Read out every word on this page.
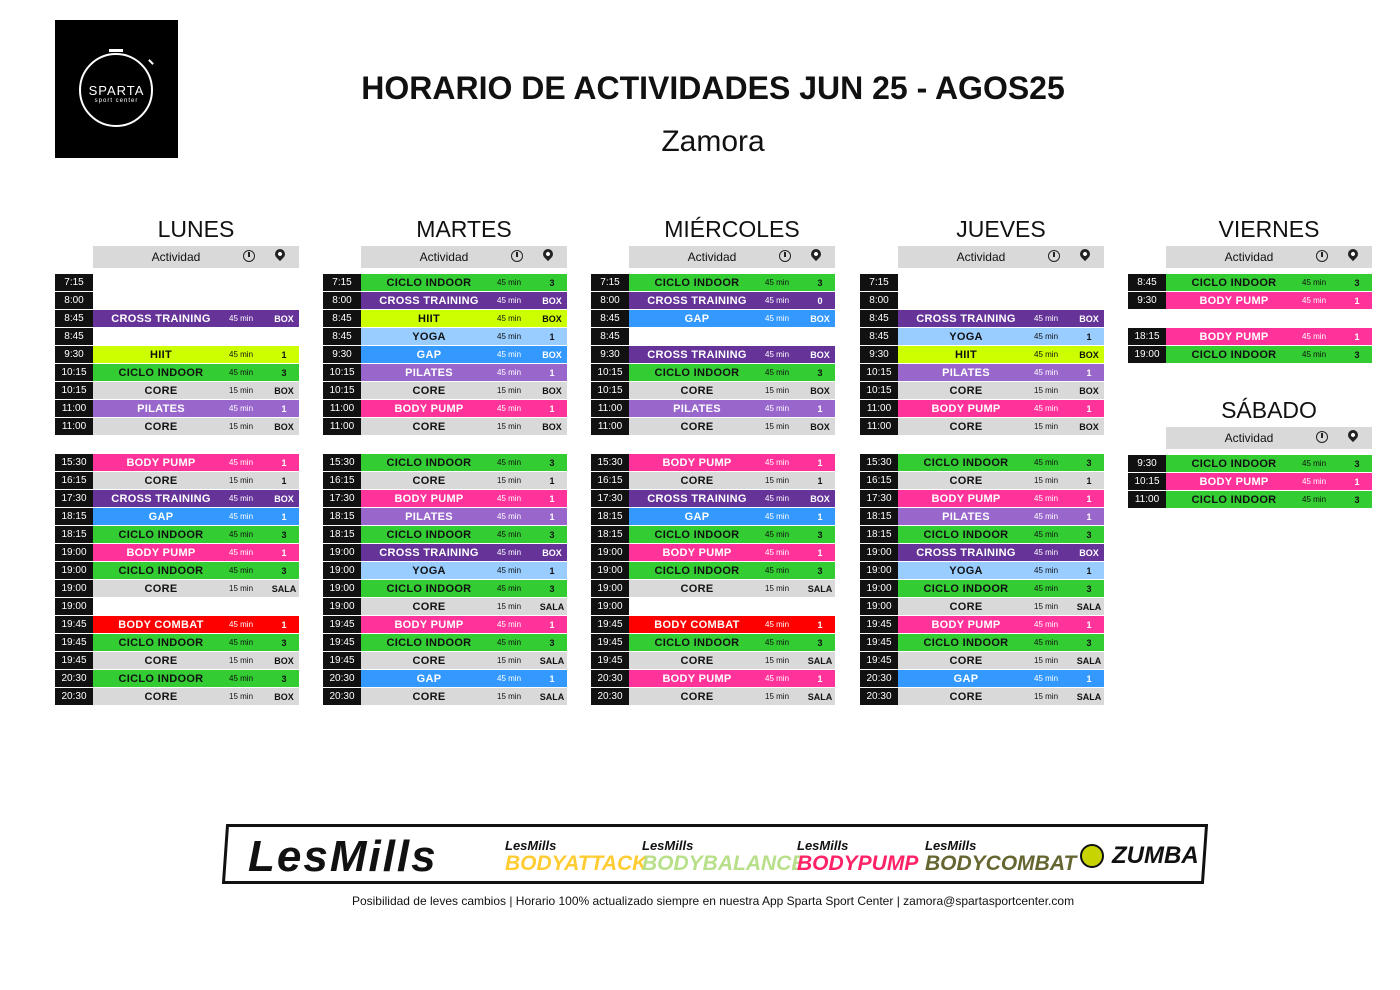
SPARTA
sport center	HORARIO DE ACTIVIDADES JUN 25 - AGOS25
Zamora
LUNES
Actividad
7:15
8:00
8:45	CROSS TRAINING	45 min	BOX
8:45
9:30	HIIT	45 min	1
10:15	CICLO INDOOR	45 min	3
10:15	CORE	15 min	BOX
11:00	PILATES	45 min	1
11:00	CORE	15 min	BOX
15:30	BODY PUMP	45 min	1
16:15	CORE	15 min	1
17:30	CROSS TRAINING	45 min	BOX
18:15	GAP	45 min	1
18:15	CICLO INDOOR	45 min	3
19:00	BODY PUMP	45 min	1
19:00	CICLO INDOOR	45 min	3
19:00	CORE	15 min	SALA
19:00
19:45	BODY COMBAT	45 min	1
19:45	CICLO INDOOR	45 min	3
19:45	CORE	15 min	BOX
20:30	CICLO INDOOR	45 min	3
20:30	CORE	15 min	BOX
MARTES
Actividad
7:15	CICLO INDOOR	45 min	3
8:00	CROSS TRAINING	45 min	BOX
8:45	HIIT	45 min	BOX
8:45	YOGA	45 min	1
9:30	GAP	45 min	BOX
10:15	PILATES	45 min	1
10:15	CORE	15 min	BOX
11:00	BODY PUMP	45 min	1
11:00	CORE	15 min	BOX
15:30	CICLO INDOOR	45 min	3
16:15	CORE	15 min	1
17:30	BODY PUMP	45 min	1
18:15	PILATES	45 min	1
18:15	CICLO INDOOR	45 min	3
19:00	CROSS TRAINING	45 min	BOX
19:00	YOGA	45 min	1
19:00	CICLO INDOOR	45 min	3
19:00	CORE	15 min	SALA
19:45	BODY PUMP	45 min	1
19:45	CICLO INDOOR	45 min	3
19:45	CORE	15 min	SALA
20:30	GAP	45 min	1
20:30	CORE	15 min	SALA
MIÉRCOLES
Actividad
7:15	CICLO INDOOR	45 min	3
8:00	CROSS TRAINING	45 min	0
8:45	GAP	45 min	BOX
8:45
9:30	CROSS TRAINING	45 min	BOX
10:15	CICLO INDOOR	45 min	3
10:15	CORE	15 min	BOX
11:00	PILATES	45 min	1
11:00	CORE	15 min	BOX
15:30	BODY PUMP	45 min	1
16:15	CORE	15 min	1
17:30	CROSS TRAINING	45 min	BOX
18:15	GAP	45 min	1
18:15	CICLO INDOOR	45 min	3
19:00	BODY PUMP	45 min	1
19:00	CICLO INDOOR	45 min	3
19:00	CORE	15 min	SALA
19:00
19:45	BODY COMBAT	45 min	1
19:45	CICLO INDOOR	45 min	3
19:45	CORE	15 min	SALA
20:30	BODY PUMP	45 min	1
20:30	CORE	15 min	SALA
JUEVES
Actividad
7:15
8:00
8:45	CROSS TRAINING	45 min	BOX
8:45	YOGA	45 min	1
9:30	HIIT	45 min	BOX
10:15	PILATES	45 min	1
10:15	CORE	15 min	BOX
11:00	BODY PUMP	45 min	1
11:00	CORE	15 min	BOX
15:30	CICLO INDOOR	45 min	3
16:15	CORE	15 min	1
17:30	BODY PUMP	45 min	1
18:15	PILATES	45 min	1
18:15	CICLO INDOOR	45 min	3
19:00	CROSS TRAINING	45 min	BOX
19:00	YOGA	45 min	1
19:00	CICLO INDOOR	45 min	3
19:00	CORE	15 min	SALA
19:45	BODY PUMP	45 min	1
19:45	CICLO INDOOR	45 min	3
19:45	CORE	15 min	SALA
20:30	GAP	45 min	1
20:30	CORE	15 min	SALA
VIERNES
Actividad
8:45	CICLO INDOOR	45 min	3
9:30	BODY PUMP	45 min	1
18:15	BODY PUMP	45 min	1
19:00	CICLO INDOOR	45 min	3
SÁBADO
Actividad
9:30	CICLO INDOOR	45 min	3
10:15	BODY PUMP	45 min	1
11:00	CICLO INDOOR	45 min	3
LesMills	LesMills
BODYATTACK
LesMills
BODYBALANCE
LesMills
BODYPUMP
LesMills
BODYCOMBAT ZUMBA
Posibilidad de leves cambios | Horario 100% actualizado siempre en nuestra App Sparta Sport Center | zamora@spartasportcenter.com
